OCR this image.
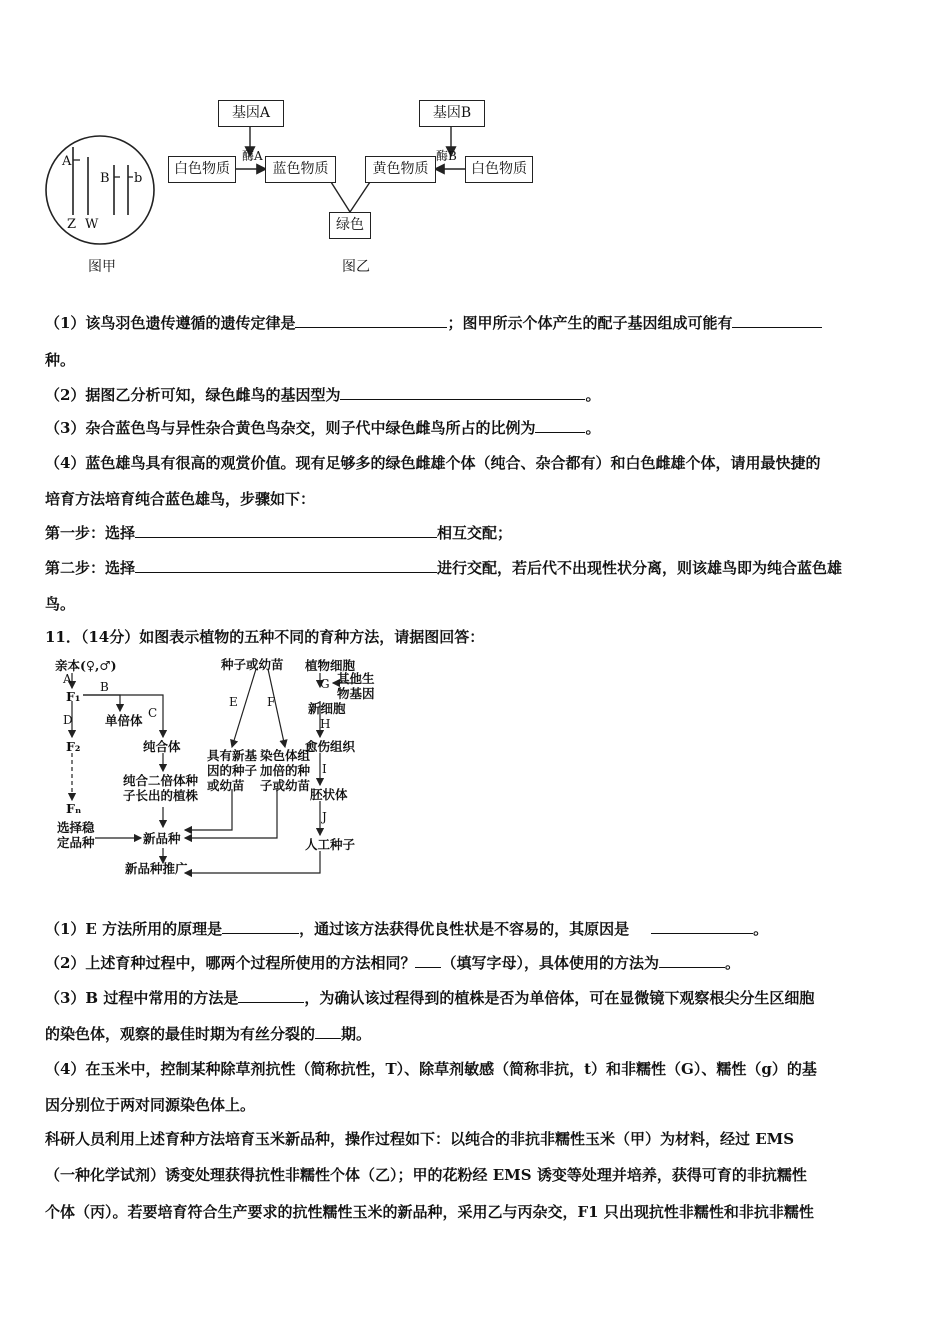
A
B b
Z W
图甲
基因A	基因B
白色物质	蓝色物质	黄色物质	白色物质
绿色
酶A	酶B
图乙
（1）该鸟羽色遗传遵循的遗传定律是	；图甲所示个体产生的配子基因组成可能有
种。
（2）据图乙分析可知，绿色雌鸟的基因型为	。
（3）杂合蓝色鸟与异性杂合黄色鸟杂交，则子代中绿色雌鸟所占的比例为	。
（4）蓝色雄鸟具有很高的观赏价值。现有足够多的绿色雌雄个体（纯合、杂合都有）和白色雌雄个体，请用最快捷的
培育方法培育纯合蓝色雄鸟，步骤如下：
第一步：选择	相互交配；
第二步：选择	进行交配，若后代不出现性状分离，则该雄鸟即为纯合蓝色雄
鸟。
11．（14分）如图表示植物的五种不同的育种方法，请据图回答：
亲本(♀,♂)
F₁
F₂
Fₙ
选择稳
定品种
单倍体
纯合体
纯合二倍体种
子长出的植株
新品种
新品种推广
种子或幼苗
具有新基
因的种子
或幼苗
染色体组
加倍的种
子或幼苗
植物细胞
其他生
物基因
新细胞
愈伤组织
胚状体
人工种子
A
B
C
D
E F
G
H
I
J
（1）E 方法所用的原理是	，通过该方法获得优良性状是不容易的，其原因是	。
（2）上述育种过程中，哪两个过程所使用的方法相同？ （填写字母），具体使用的方法为	。
（3）B 过程中常用的方法是	，为确认该过程得到的植株是否为单倍体，可在显微镜下观察根尖分生区细胞
的染色体，观察的最佳时期为有丝分裂的 期。
（4）在玉米中，控制某种除草剂抗性（简称抗性，T）、除草剂敏感（简称非抗，t）和非糯性（G）、糯性（g）的基
因分别位于两对同源染色体上。
科研人员利用上述育种方法培育玉米新品种，操作过程如下：以纯合的非抗非糯性玉米（甲）为材料，经过 EMS
（一种化学试剂）诱变处理获得抗性非糯性个体（乙）；甲的花粉经 EMS 诱变等处理并培养，获得可育的非抗糯性
个体（丙）。若要培育符合生产要求的抗性糯性玉米的新品种，采用乙与丙杂交，F1 只出现抗性非糯性和非抗非糯性
